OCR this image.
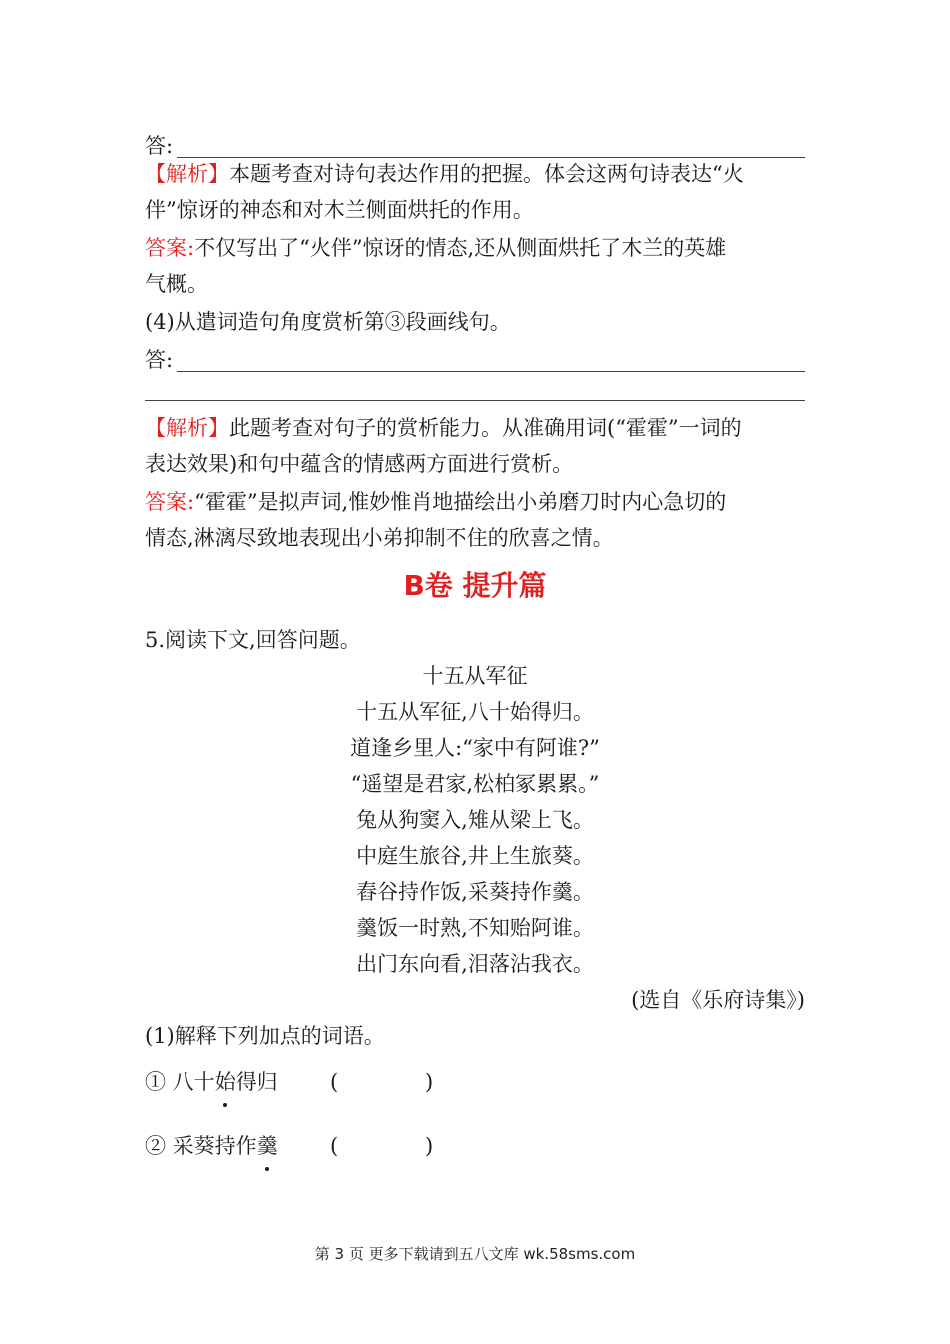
答:
【解析】本题考查对诗句表达作用的把握。体会这两句诗表达“火
伴”惊讶的神态和对木兰侧面烘托的作用。
答案:不仅写出了“火伴”惊讶的情态,还从侧面烘托了木兰的英雄
气概。
(4)从遣词造句角度赏析第③段画线句。
答:
【解析】此题考查对句子的赏析能力。从准确用词(“霍霍”一词的
表达效果)和句中蕴含的情感两方面进行赏析。
答案:“霍霍”是拟声词,惟妙惟肖地描绘出小弟磨刀时内心急切的
情态,淋漓尽致地表现出小弟抑制不住的欣喜之情。
B卷 提升篇
5.阅读下文,回答问题。
十五从军征
十五从军征,八十始得归。
道逢乡里人:“家中有阿谁?”
“遥望是君家,松柏冢累累。”
兔从狗窦入,雉从梁上飞。
中庭生旅谷,井上生旅葵。
舂谷持作饭,采葵持作羹。
羹饭一时熟,不知贻阿谁。
出门东向看,泪落沾我衣。
(选自《乐府诗集》)
(1)解释下列加点的词语。
① 八十始得归 (	)
② 采葵持作羹 (	)
第 3 页 更多下载请到五八文库 wk.58sms.com
